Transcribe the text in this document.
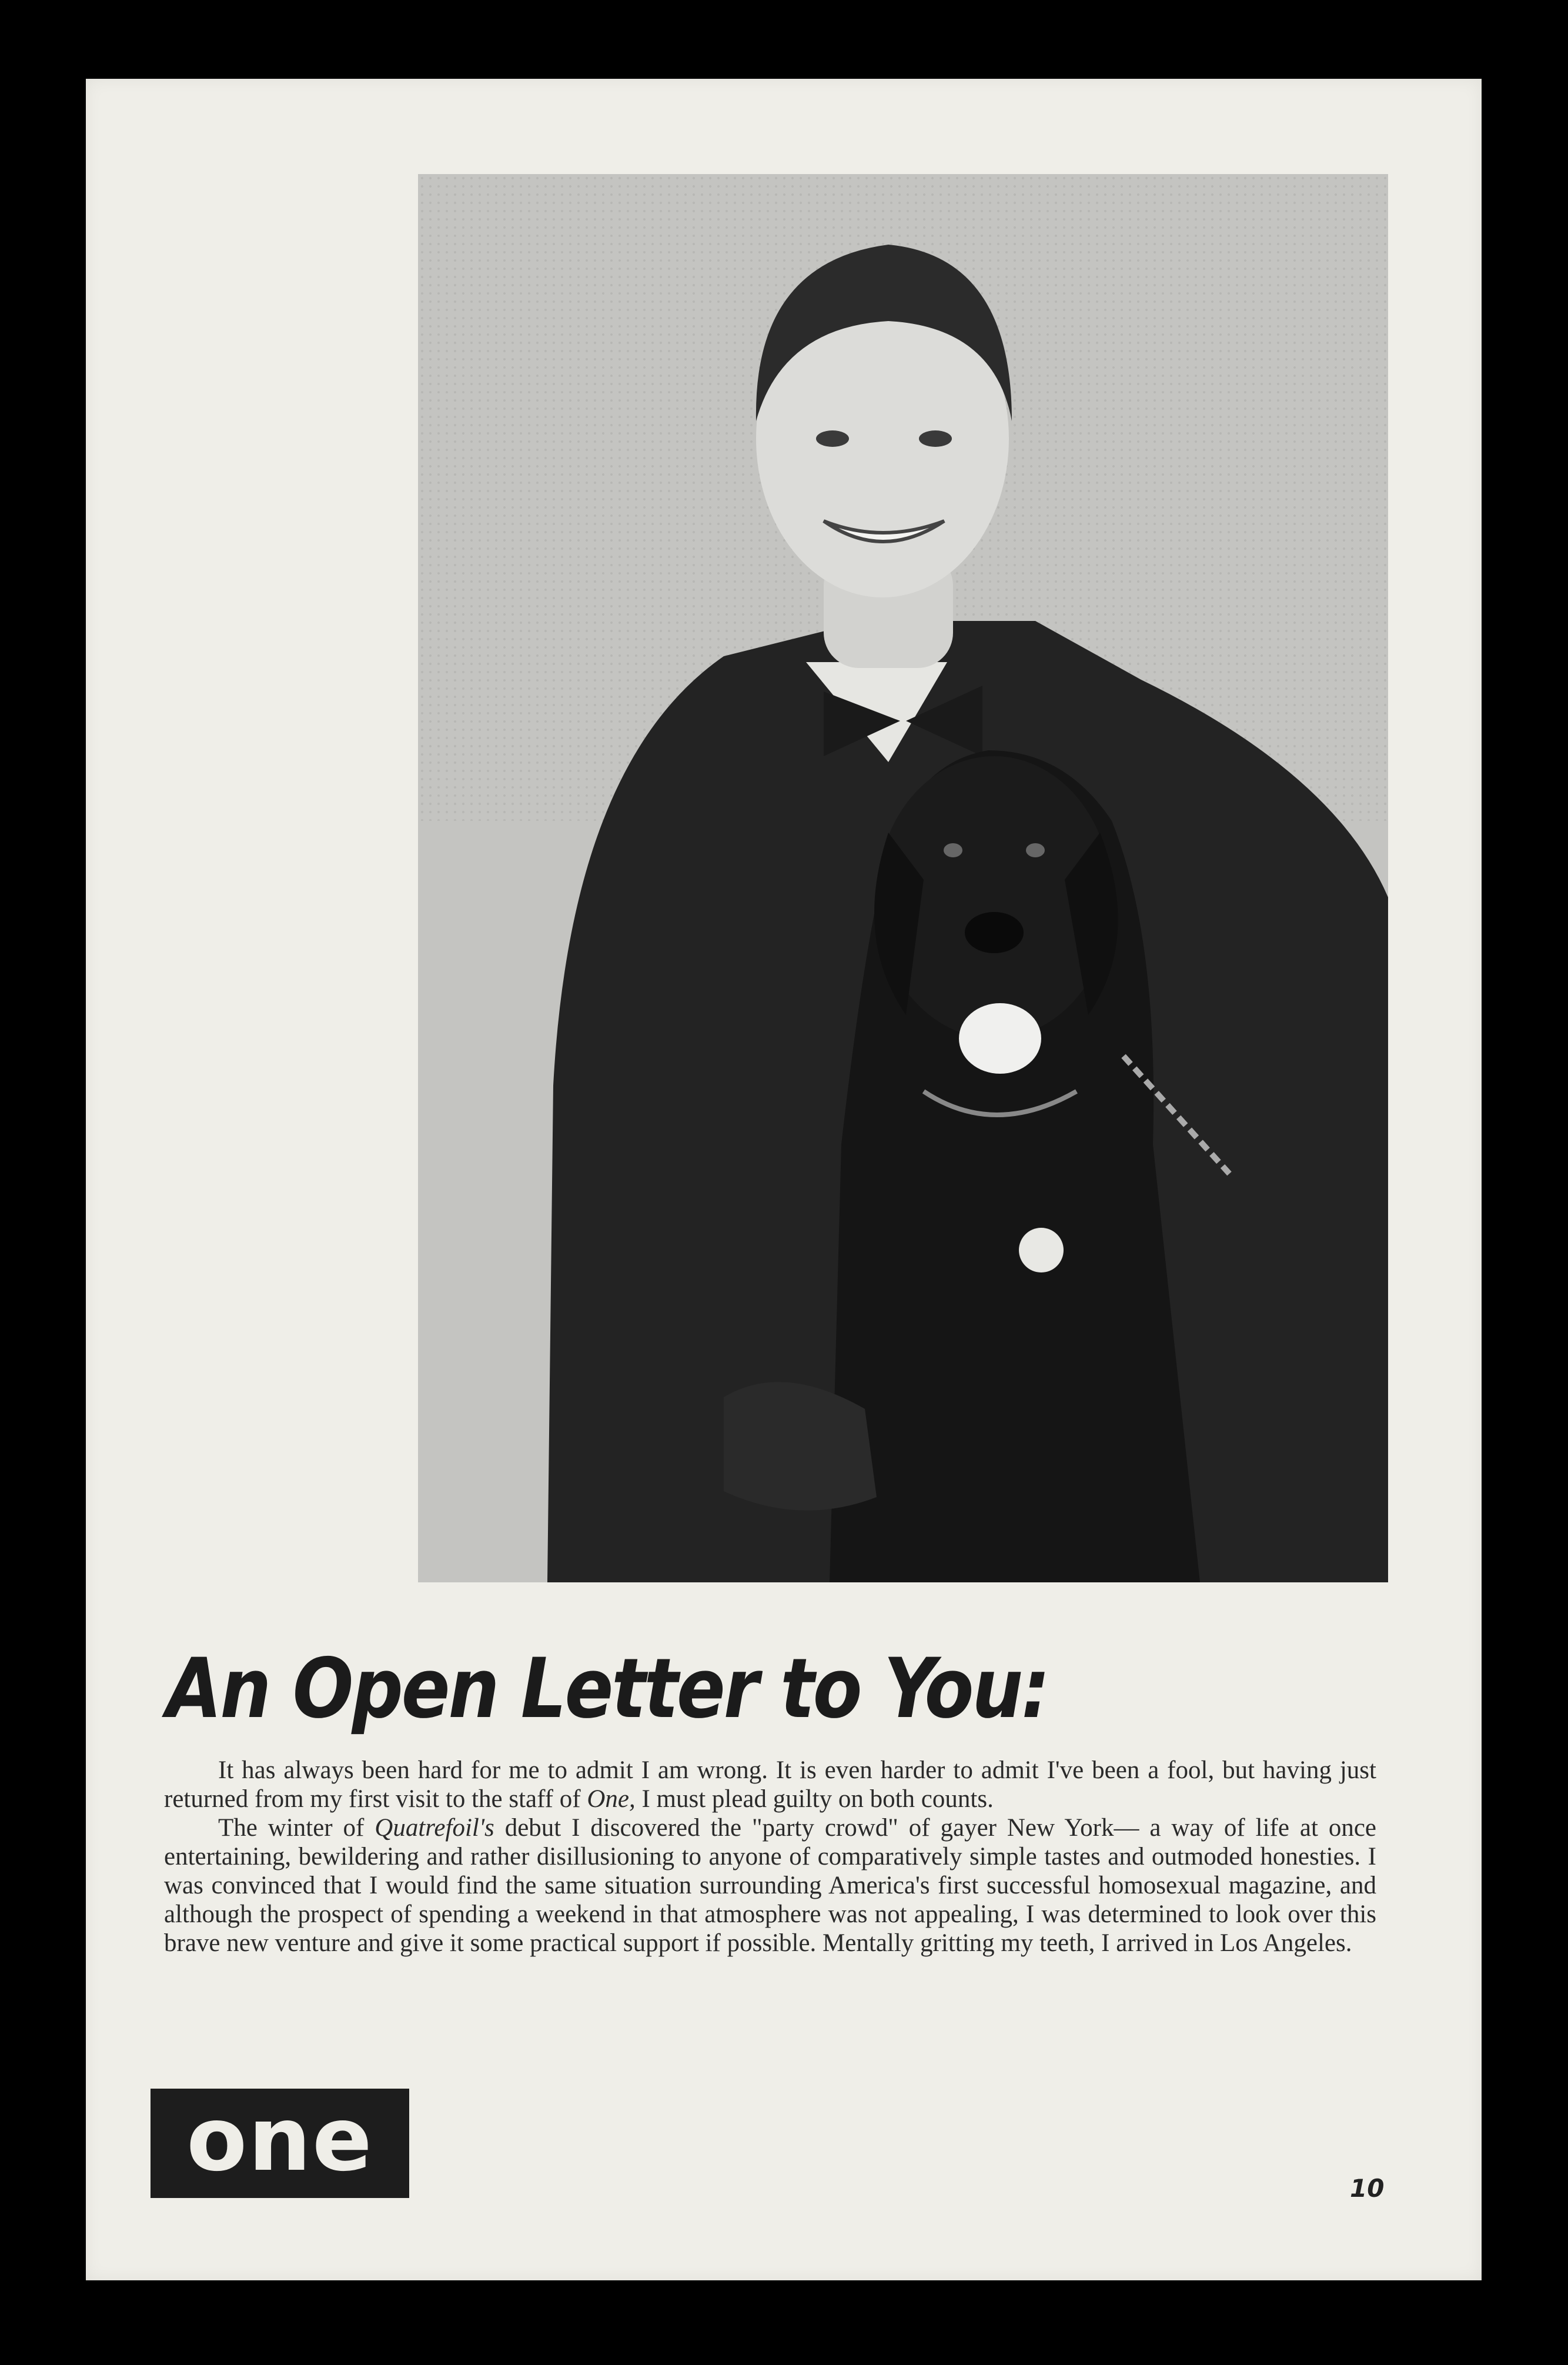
An Open Letter to You:

It has always been hard for me to admit I am wrong. It is even harder to admit I've been a fool, but having just returned from my first visit to the staff of One, I must plead guilty on both counts.

The winter of Quatrefoil's debut I discovered the "party crowd" of gayer New York— a way of life at once entertaining, bewildering and rather disillusioning to anyone of comparatively simple tastes and outmoded honesties. I was convinced that I would find the same situation surrounding America's first successful homosexual magazine, and although the prospect of spending a weekend in that atmosphere was not appealing, I was determined to look over this brave new venture and give it some practical support if possible. Mentally gritting my teeth, I arrived in Los Angeles.

one	10
